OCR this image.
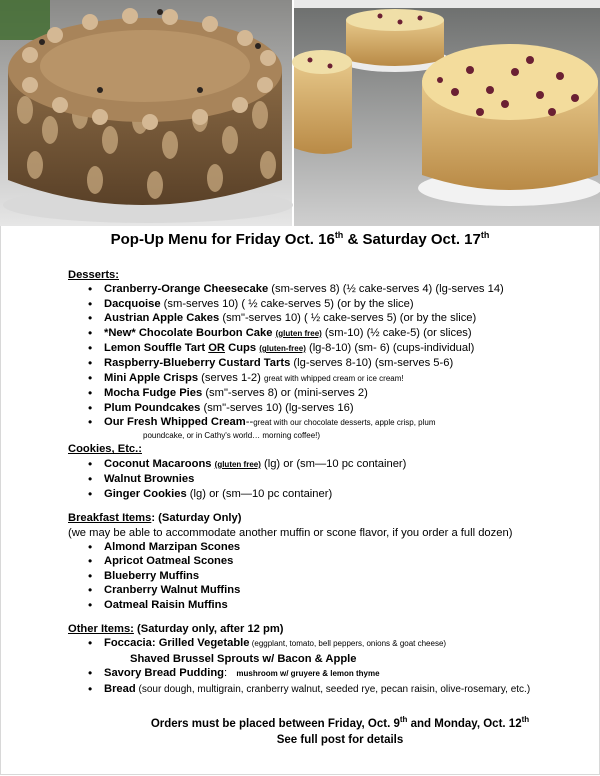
Pop-Up Menu for Friday Oct. 16th & Saturday Oct. 17th
Desserts:
• Cranberry-Orange Cheesecake (sm-serves 8) (½ cake-serves 4) (lg-serves 14)
• Dacquoise (sm-serves 10) ( ½ cake-serves 5) (or by the slice)
• Austrian Apple Cakes (sm"-serves 10) ( ½ cake-serves 5) (or by the slice)
• *New* Chocolate Bourbon Cake (gluten free) (sm-10) (½ cake-5) (or slices)
• Lemon Souffle Tart OR Cups (gluten-free) (lg-8-10) (sm- 6) (cups-individual)
• Raspberry-Blueberry Custard Tarts (lg-serves 8-10) (sm-serves 5-6)
• Mini Apple Crisps (serves 1-2) great with whipped cream or ice cream!
• Mocha Fudge Pies (sm"-serves 8) or (mini-serves 2)
• Plum Poundcakes (sm"-serves 10) (lg-serves 16)
• Our Fresh Whipped Cream--great with our chocolate desserts, apple crisp, plum
poundcake, or in Cathy's world… morning coffee!)
Cookies, Etc.:
• Coconut Macaroons (gluten free) (lg) or (sm—10 pc container)
• Walnut Brownies
• Ginger Cookies (lg) or (sm—10 pc container)
Breakfast Items: (Saturday Only)
(we may be able to accommodate another muffin or scone flavor, if you order a full dozen)
• Almond Marzipan Scones
• Apricot Oatmeal Scones
• Blueberry Muffins
• Cranberry Walnut Muffins
• Oatmeal Raisin Muffins
Other Items: (Saturday only, after 12 pm)
• Foccacia: Grilled Vegetable (eggplant, tomato, bell peppers, onions & goat cheese)
Shaved Brussel Sprouts w/ Bacon & Apple
• Savory Bread Pudding: mushroom w/ gruyere & lemon thyme
• Bread (sour dough, multigrain, cranberry walnut, seeded rye, pecan raisin, olive-rosemary, etc.)
Orders must be placed between Friday, Oct. 9th and Monday, Oct. 12th
See full post for details
